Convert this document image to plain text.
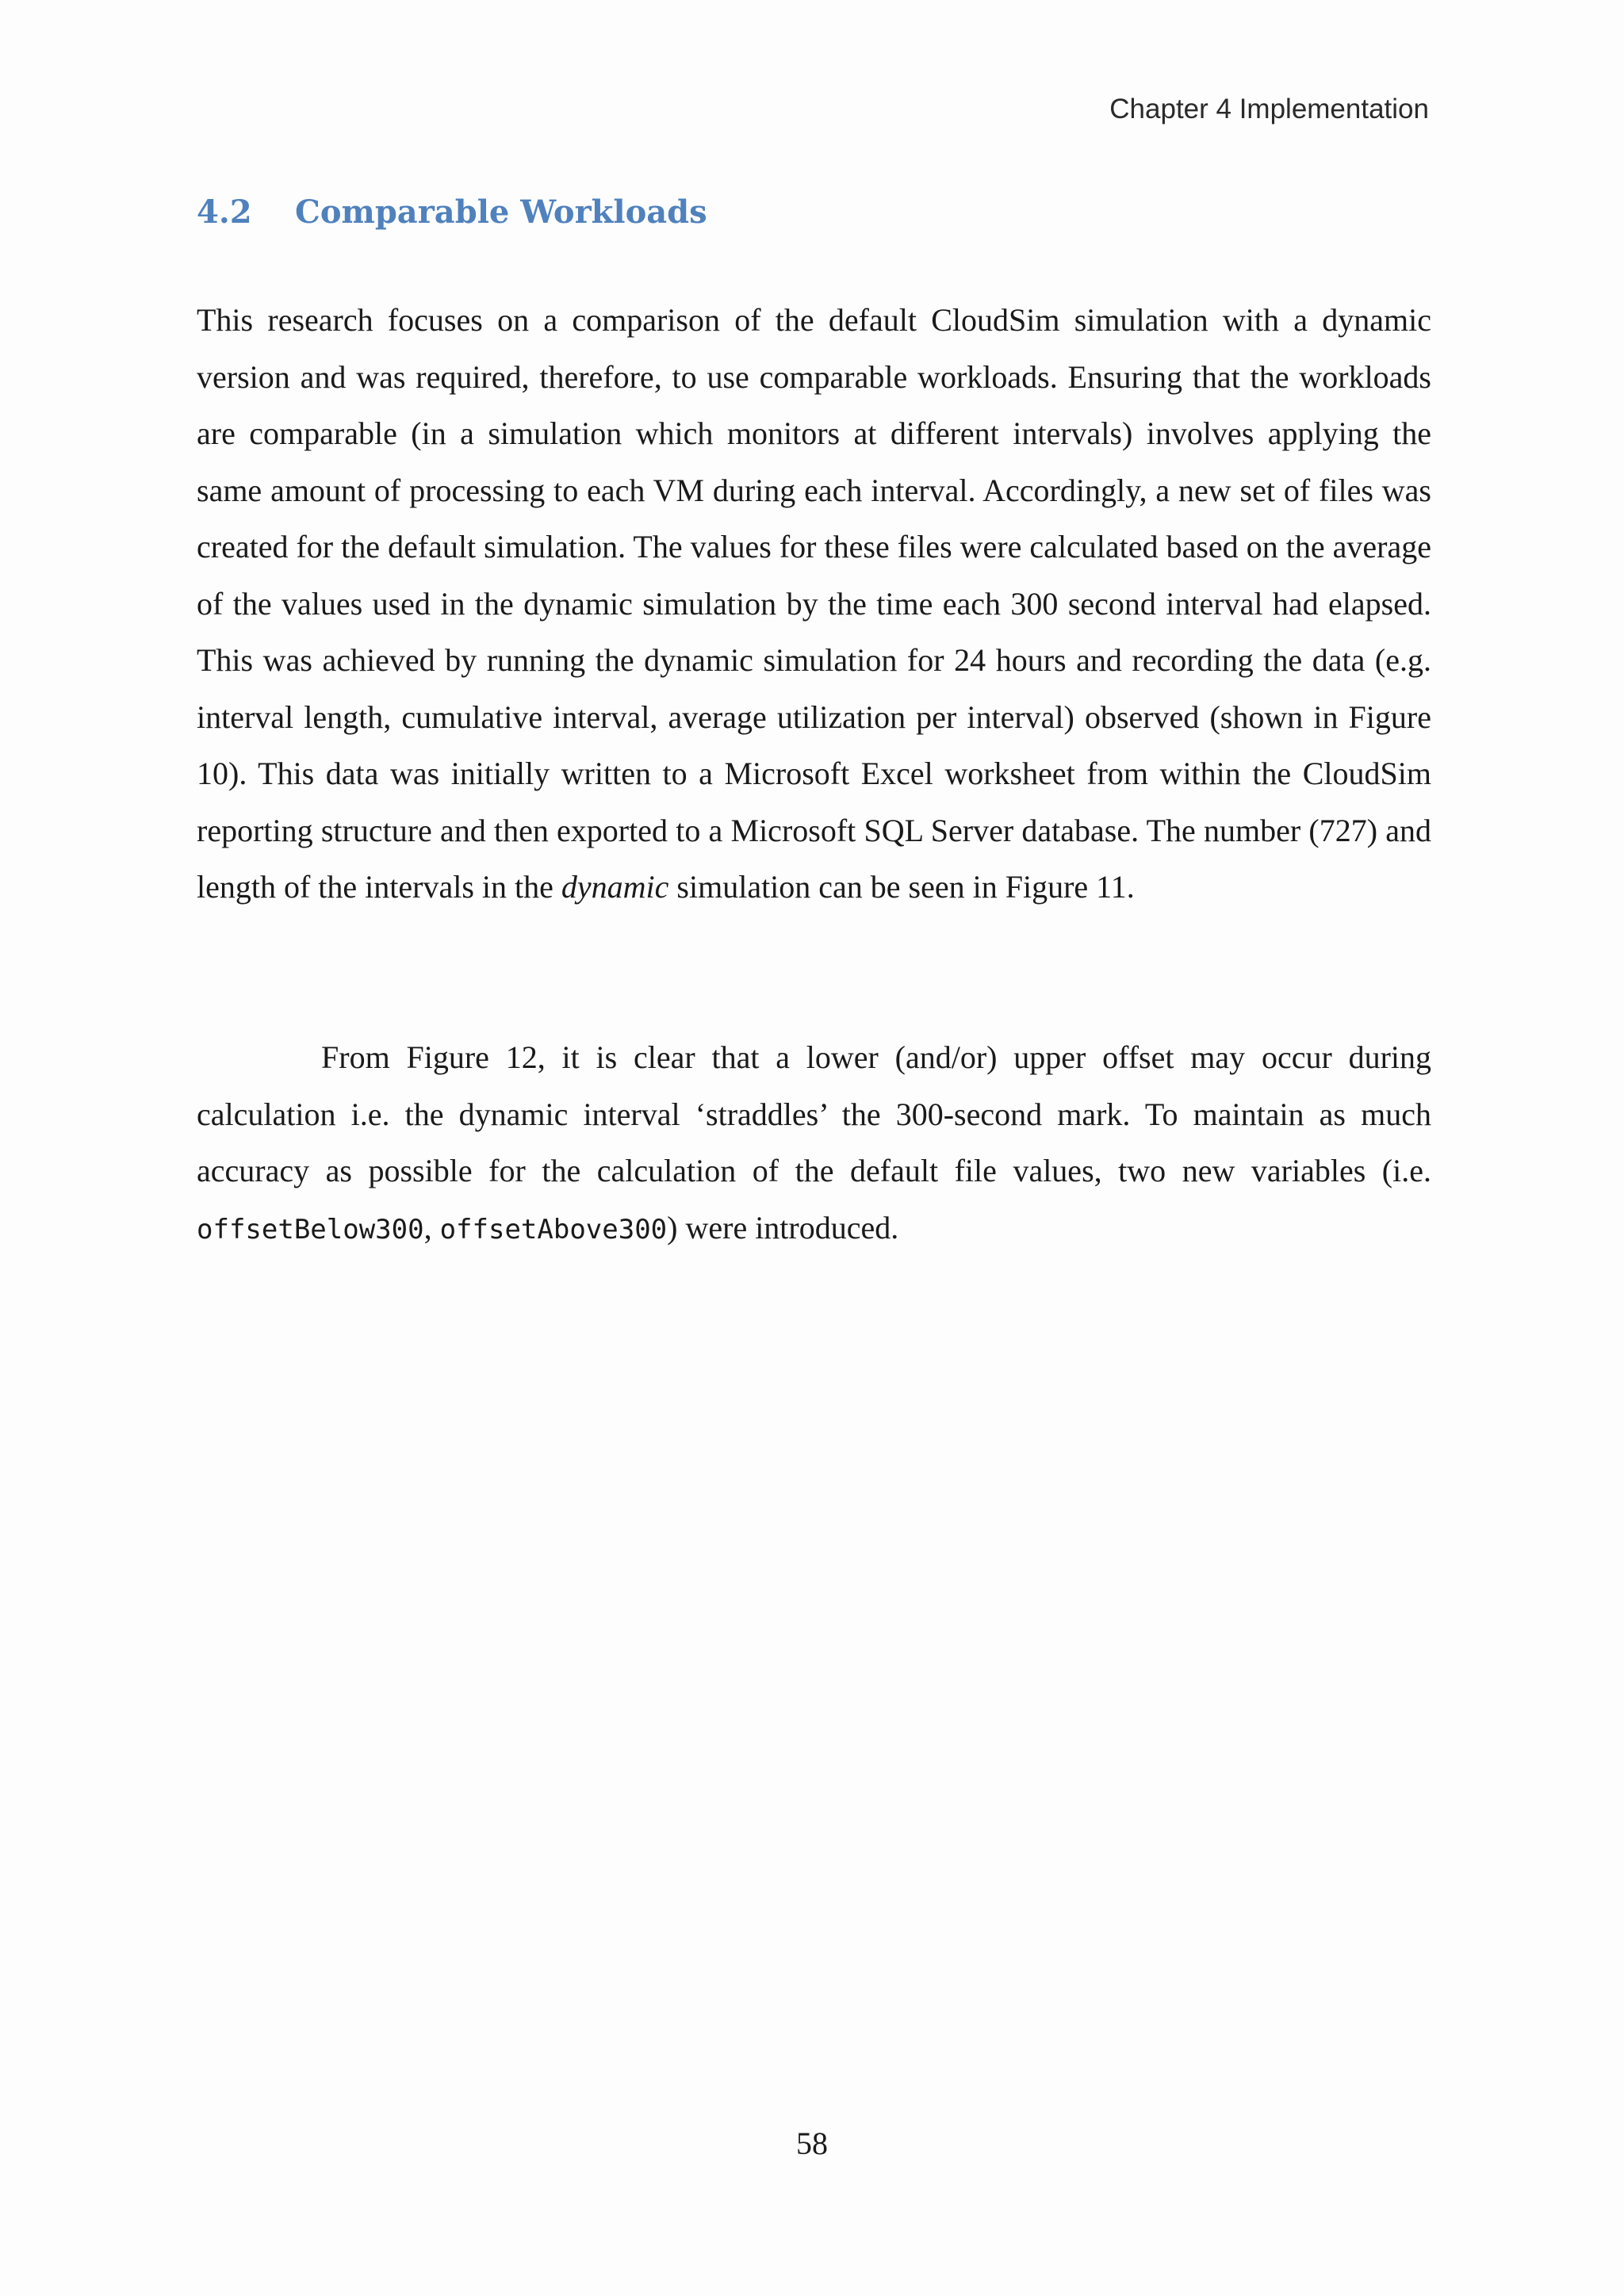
Chapter 4 Implementation
4.2 Comparable Workloads

This research focuses on a comparison of the default CloudSim simulation with a dynamic version and was required, therefore, to use comparable workloads. Ensuring that the workloads are comparable (in a simulation which monitors at different intervals) involves applying the same amount of processing to each VM during each interval. Accordingly, a new set of files was created for the default simulation. The values for these files were calculated based on the average of the values used in the dynamic simulation by the time each 300 second interval had elapsed. This was achieved by running the dynamic simulation for 24 hours and recording the data (e.g. interval length, cumulative interval, average utilization per interval) observed (shown in Figure 10). This data was initially written to a Microsoft Excel worksheet from within the CloudSim reporting structure and then exported to a Microsoft SQL Server database. The number (727) and length of the intervals in the dynamic simulation can be seen in Figure 11.

From Figure 12, it is clear that a lower (and/or) upper offset may occur during calculation i.e. the dynamic interval ‘straddles’ the 300-second mark. To maintain as much accuracy as possible for the calculation of the default file values, two new variables (i.e. offsetBelow300, offsetAbove300) were introduced.

58
